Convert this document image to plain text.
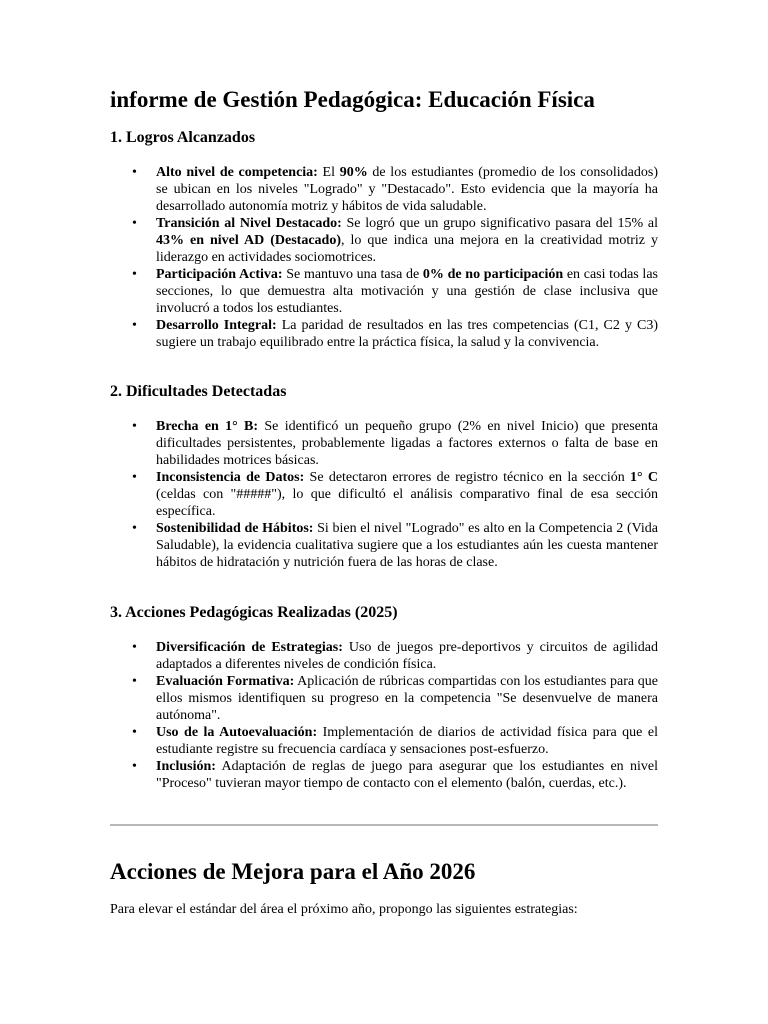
informe de Gestión Pedagógica: Educación Física
1. Logros Alcanzados
• Alto nivel de competencia: El 90% de los estudiantes (promedio de los consolidados) se ubican en los niveles "Logrado" y "Destacado". Esto evidencia que la mayoría ha desarrollado autonomía motriz y hábitos de vida saludable.
• Transición al Nivel Destacado: Se logró que un grupo significativo pasara del 15% al 43% en nivel AD (Destacado), lo que indica una mejora en la creatividad motriz y liderazgo en actividades sociomotrices.
• Participación Activa: Se mantuvo una tasa de 0% de no participación en casi todas las secciones, lo que demuestra alta motivación y una gestión de clase inclusiva que involucró a todos los estudiantes.
• Desarrollo Integral: La paridad de resultados en las tres competencias (C1, C2 y C3) sugiere un trabajo equilibrado entre la práctica física, la salud y la convivencia.
2. Dificultades Detectadas
• Brecha en 1° B: Se identificó un pequeño grupo (2% en nivel Inicio) que presenta dificultades persistentes, probablemente ligadas a factores externos o falta de base en habilidades motrices básicas.
• Inconsistencia de Datos: Se detectaron errores de registro técnico en la sección 1° C (celdas con "#####"), lo que dificultó el análisis comparativo final de esa sección específica.
• Sostenibilidad de Hábitos: Si bien el nivel "Logrado" es alto en la Competencia 2 (Vida Saludable), la evidencia cualitativa sugiere que a los estudiantes aún les cuesta mantener hábitos de hidratación y nutrición fuera de las horas de clase.
3. Acciones Pedagógicas Realizadas (2025)
• Diversificación de Estrategias: Uso de juegos pre-deportivos y circuitos de agilidad adaptados a diferentes niveles de condición física.
• Evaluación Formativa: Aplicación de rúbricas compartidas con los estudiantes para que ellos mismos identifiquen su progreso en la competencia "Se desenvuelve de manera autónoma".
• Uso de la Autoevaluación: Implementación de diarios de actividad física para que el estudiante registre su frecuencia cardíaca y sensaciones post-esfuerzo.
• Inclusión: Adaptación de reglas de juego para asegurar que los estudiantes en nivel "Proceso" tuvieran mayor tiempo de contacto con el elemento (balón, cuerdas, etc.).
Acciones de Mejora para el Año 2026

Para elevar el estándar del área el próximo año, propongo las siguientes estrategias:
